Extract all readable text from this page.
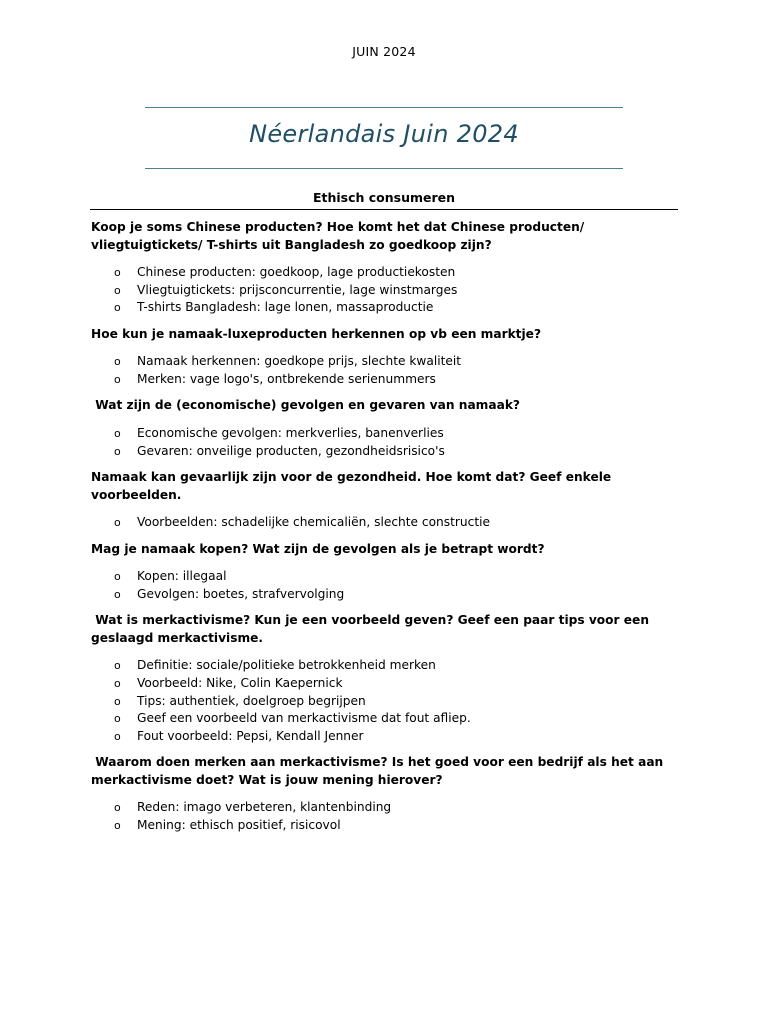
JUIN 2024
Néerlandais Juin 2024
Ethisch consumeren
Koop je soms Chinese producten? Hoe komt het dat Chinese producten/ vliegtuigtickets/ T-shirts uit Bangladesh zo goedkoop zijn?
o Chinese producten: goedkoop, lage productiekosten
o Vliegtuigtickets: prijsconcurrentie, lage winstmarges
o T-shirts Bangladesh: lage lonen, massaproductie
Hoe kun je namaak-luxeproducten herkennen op vb een marktje?
o Namaak herkennen: goedkope prijs, slechte kwaliteit
o Merken: vage logo's, ontbrekende serienummers
Wat zijn de (economische) gevolgen en gevaren van namaak?
o Economische gevolgen: merkverlies, banenverlies
o Gevaren: onveilige producten, gezondheidsrisico's
Namaak kan gevaarlijk zijn voor de gezondheid. Hoe komt dat? Geef enkele voorbeelden.
o Voorbeelden: schadelijke chemicaliën, slechte constructie
Mag je namaak kopen? Wat zijn de gevolgen als je betrapt wordt?
o Kopen: illegaal
o Gevolgen: boetes, strafvervolging
Wat is merkactivisme? Kun je een voorbeeld geven? Geef een paar tips voor een geslaagd merkactivisme.
o Definitie: sociale/politieke betrokkenheid merken
o Voorbeeld: Nike, Colin Kaepernick
o Tips: authentiek, doelgroep begrijpen
o Geef een voorbeeld van merkactivisme dat fout afliep.
o Fout voorbeeld: Pepsi, Kendall Jenner
Waarom doen merken aan merkactivisme? Is het goed voor een bedrijf als het aan merkactivisme doet? Wat is jouw mening hierover?
o Reden: imago verbeteren, klantenbinding
o Mening: ethisch positief, risicovol
